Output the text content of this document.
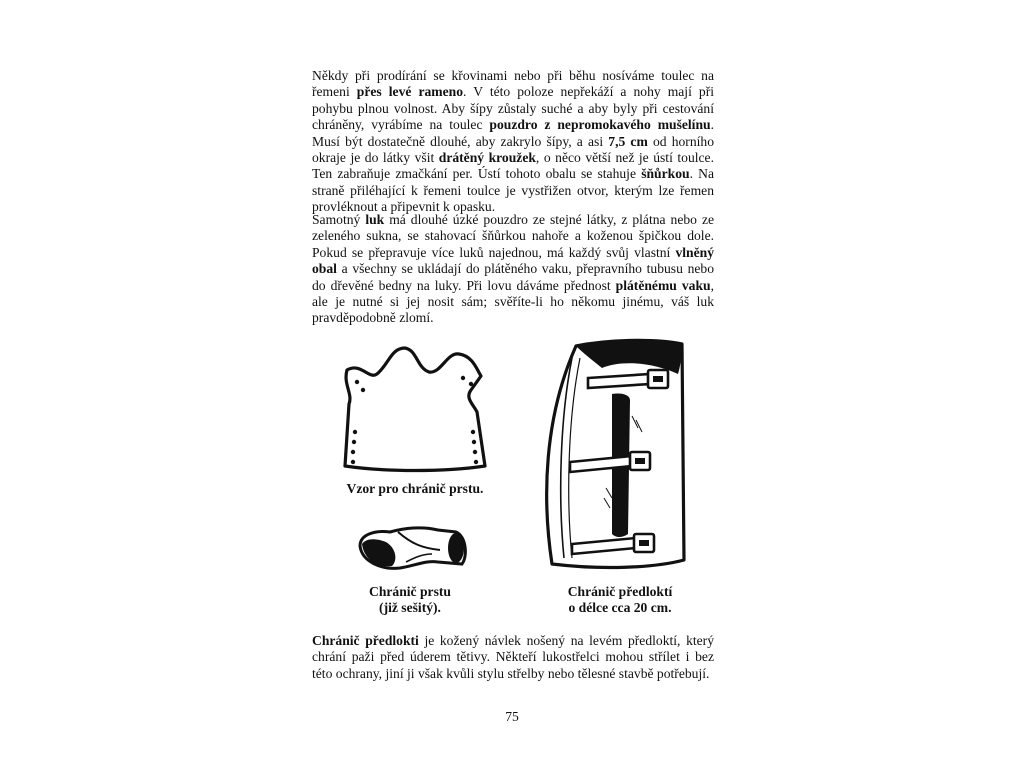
Někdy při prodírání se křovinami nebo při běhu nosíváme toulec na řemeni přes levé rameno. V této poloze nepřekáží a nohy mají při pohybu plnou volnost. Aby šípy zůstaly suché a aby byly při cestování chráněny, vyrábíme na toulec pouzdro z nepromokavého mušelínu. Musí být dostatečně dlouhé, aby zakrylo šípy, a asi 7,5 cm od horního okraje je do látky všit drátěný kroužek, o něco větší než je ústí toulce. Ten zabraňuje zmačkání per. Ústí tohoto obalu se stahuje šňůrkou. Na straně přiléhající k řemeni toulce je vystřižen otvor, kterým lze řemen provléknout a připevnit k opasku.

Samotný luk má dlouhé úzké pouzdro ze stejné látky, z plátna nebo ze zeleného sukna, se stahovací šňůrkou nahoře a koženou špičkou dole. Pokud se přepravuje více luků najednou, má každý svůj vlastní vlněný obal a všechny se ukládají do plátěného vaku, přepravního tubusu nebo do dřevěné bedny na luky. Při lovu dáváme přednost plátěnému vaku, ale je nutné si jej nosit sám; svěříte-li ho někomu jinému, váš luk pravděpodobně zlomí.

Vzor pro chránič prstu.
Chránič prstu
(již sešitý).
Chránič předloktí
o délce cca 20 cm.

Chránič předlokti je kožený návlek nošený na levém předloktí, který chrání paži před úderem tětivy. Někteří lukostřelci mohou střílet i bez této ochrany, jiní ji však kvůli stylu střelby nebo tělesné stavbě potřebují.

75
